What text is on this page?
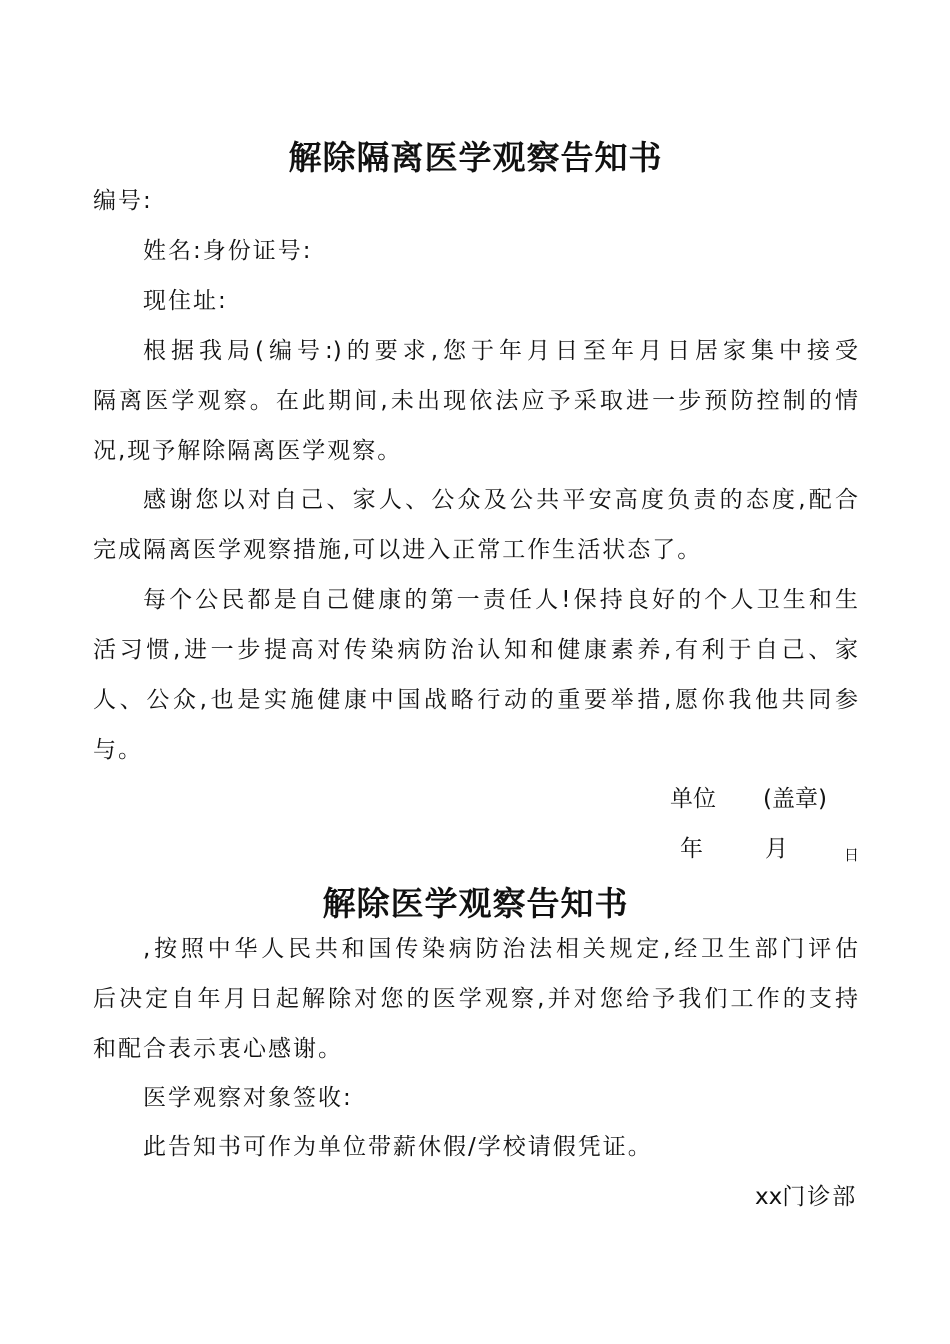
解除隔离医学观察告知书
编号:
姓名:身份证号:
现住址:
根据我局(编号:)的要求,您于年月日至年月日居家集中接受
隔离医学观察。在此期间,未出现依法应予采取进一步预防控制的情
况,现予解除隔离医学观察。
感谢您以对自己、家人、公众及公共平安高度负责的态度,配合
完成隔离医学观察措施,可以进入正常工作生活状态了。
每个公民都是自己健康的第一责任人!保持良好的个人卫生和生
活习惯,进一步提高对传染病防治认知和健康素养,有利于自己、家
人、公众,也是实施健康中国战略行动的重要举措,愿你我他共同参
与。
单位 (盖章)
年	月	日
解除医学观察告知书
,按照中华人民共和国传染病防治法相关规定,经卫生部门评估
后决定自年月日起解除对您的医学观察,并对您给予我们工作的支持
和配合表示衷心感谢。
医学观察对象签收:
此告知书可作为单位带薪休假/学校请假凭证。
xx门诊部
